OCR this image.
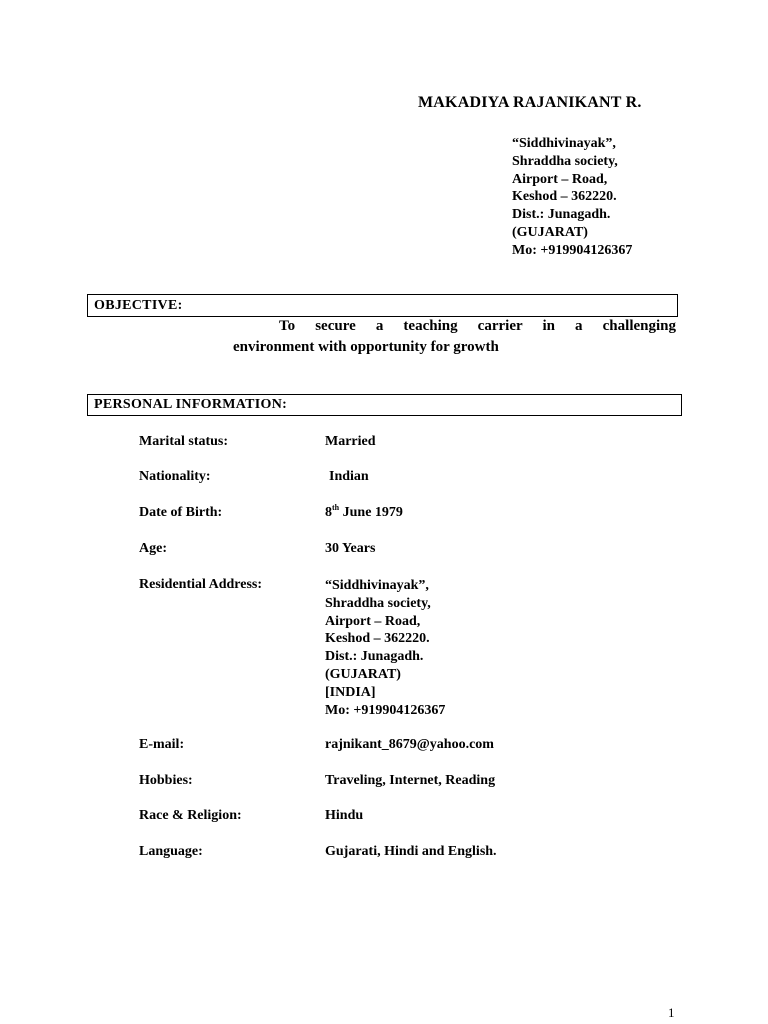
MAKADIYA RAJANIKANT R.
“Siddhivinayak”,
Shraddha society,
Airport – Road,
Keshod – 362220.
Dist.: Junagadh.
(GUJARAT)
Mo: +919904126367
OBJECTIVE:
To secure a teaching carrier in a challenging
environment with opportunity for growth
PERSONAL INFORMATION:
Marital status:	Married
Nationality:	Indian
Date of Birth:	8th June 1979
Age:	30 Years
Residential Address:	“Siddhivinayak”,
Shraddha society,
Airport – Road,
Keshod – 362220.
Dist.: Junagadh.
(GUJARAT)
[INDIA]
Mo: +919904126367
E-mail:	rajnikant_8679@yahoo.com
Hobbies:	Traveling, Internet, Reading
Race & Religion:	Hindu
Language:	Gujarati, Hindi and English.
1
